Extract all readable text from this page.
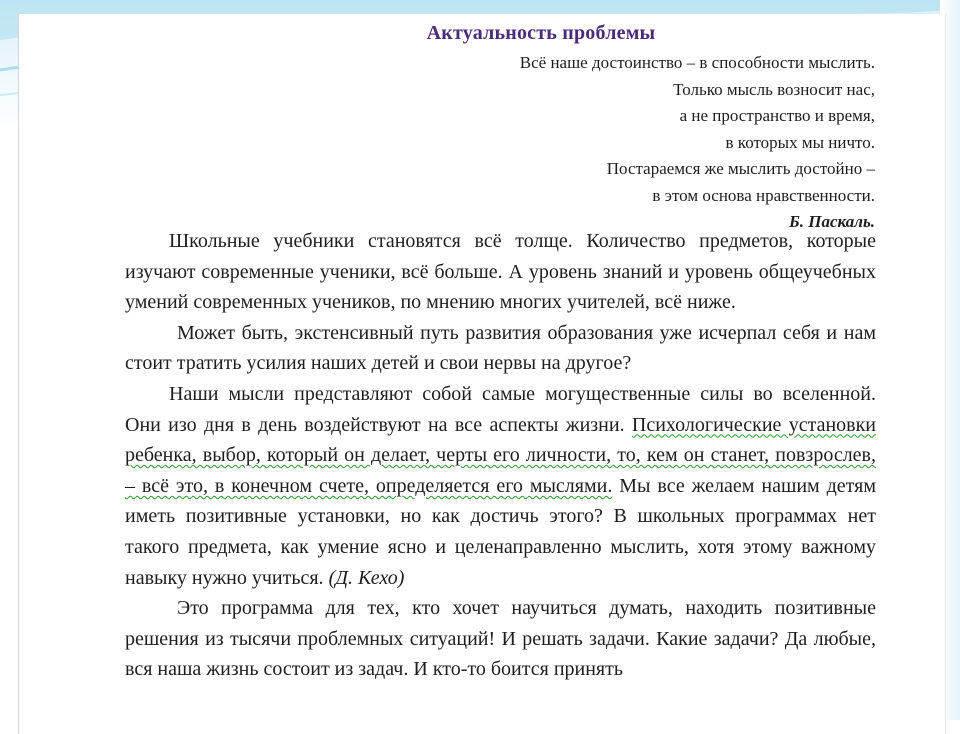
Актуальность проблемы
Всё наше достоинство – в способности мыслить.
Только мысль возносит нас,
а не пространство и время,
в которых мы ничто.
Постараемся же мыслить достойно –
в этом основа нравственности.
Б. Паскаль.

Школьные учебники становятся всё толще. Количество предметов, которые изучают современные ученики, всё больше. А уровень знаний и уровень общеучебных умений современных учеников, по мнению многих учителей, всё ниже.

Может быть, экстенсивный путь развития образования уже исчерпал себя и нам стоит тратить усилия наших детей и свои нервы на другое?

Наши мысли представляют собой самые могущественные силы во вселенной. Они изо дня в день воздействуют на все аспекты жизни. Психологические установки ребенка, выбор, который он делает, черты его личности, то, кем он станет, повзрослев, – всё это, в конечном счете, определяется его мыслями. Мы все желаем нашим детям иметь позитивные установки, но как достичь этого? В школьных программах нет такого предмета, как умение ясно и целенаправленно мыслить, хотя этому важному навыку нужно учиться. (Д. Кехо)

Это программа для тех, кто хочет научиться думать, находить позитивные решения из тысячи проблемных ситуаций! И решать задачи. Какие задачи? Да любые, вся наша жизнь состоит из задач. И кто-то боится принять
